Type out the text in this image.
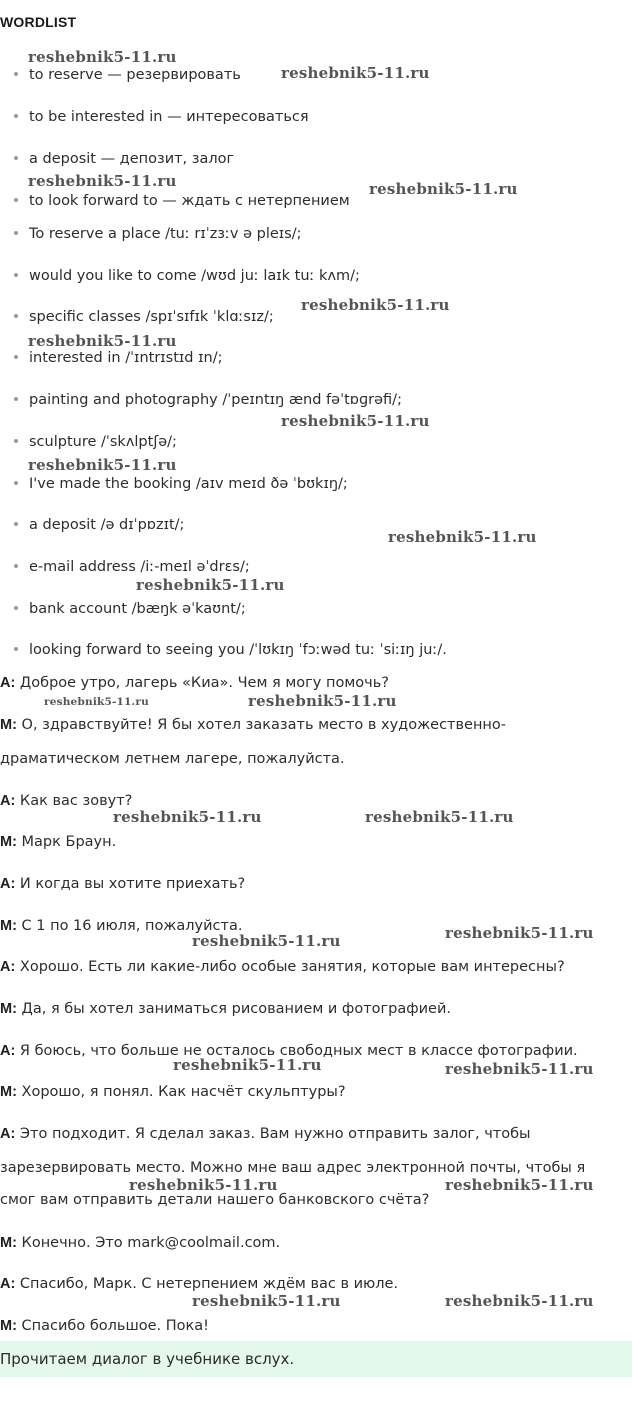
WORDLIST
to reserve — резервировать
to be interested in — интересоваться
a deposit — депозит, залог
to look forward to — ждать с нетерпением
To reserve a place /tuː rɪˈzɜːv ə pleɪs/;
would you like to come /wʊd juː laɪk tuː kʌm/;
specific classes /spɪˈsɪfɪk ˈklɑːsɪz/;
interested in /ˈɪntrɪstɪd ɪn/;
painting and photography /ˈpeɪntɪŋ ænd fəˈtɒɡrəfi/;
sculpture /ˈskʌlptʃə/;
I've made the booking /aɪv meɪd ðə ˈbʊkɪŋ/;
a deposit /ə dɪˈpɒzɪt/;
e-mail address /iː-meɪl əˈdrɛs/;
bank account /bæŋk əˈkaʊnt/;
looking forward to seeing you /ˈlʊkɪŋ ˈfɔːwəd tuː ˈsiːɪŋ juː/.
A: Доброе утро, лагерь «Киа». Чем я могу помочь?
M: О, здравствуйте! Я бы хотел заказать место в художественно-
драматическом летнем лагере, пожалуйста.
A: Как вас зовут?
M: Марк Браун.
A: И когда вы хотите приехать?
M: С 1 по 16 июля, пожалуйста.
A: Хорошо. Есть ли какие-либо особые занятия, которые вам интересны?
M: Да, я бы хотел заниматься рисованием и фотографией.
A: Я боюсь, что больше не осталось свободных мест в классе фотографии.
M: Хорошо, я понял. Как насчёт скульптуры?
A: Это подходит. Я сделал заказ. Вам нужно отправить залог, чтобы
зарезервировать место. Можно мне ваш адрес электронной почты, чтобы я
смог вам отправить детали нашего банковского счёта?
M: Конечно. Это mark@coolmail.com.
A: Спасибо, Марк. С нетерпением ждём вас в июле.
M: Спасибо большое. Пока!
Прочитаем диалог в учебнике вслух.
reshebnik5-11.ru
reshebnik5-11.ru
reshebnik5-11.ru	reshebnik5-11.ru
reshebnik5-11.ru
reshebnik5-11.ru
reshebnik5-11.ru
reshebnik5-11.ru
reshebnik5-11.ru
reshebnik5-11.ru
reshebnik5-11.ru	reshebnik5-11.ru
reshebnik5-11.ru	reshebnik5-11.ru
reshebnik5-11.ru	reshebnik5-11.ru
reshebnik5-11.ru	reshebnik5-11.ru
reshebnik5-11.ru	reshebnik5-11.ru
reshebnik5-11.ru	reshebnik5-11.ru
